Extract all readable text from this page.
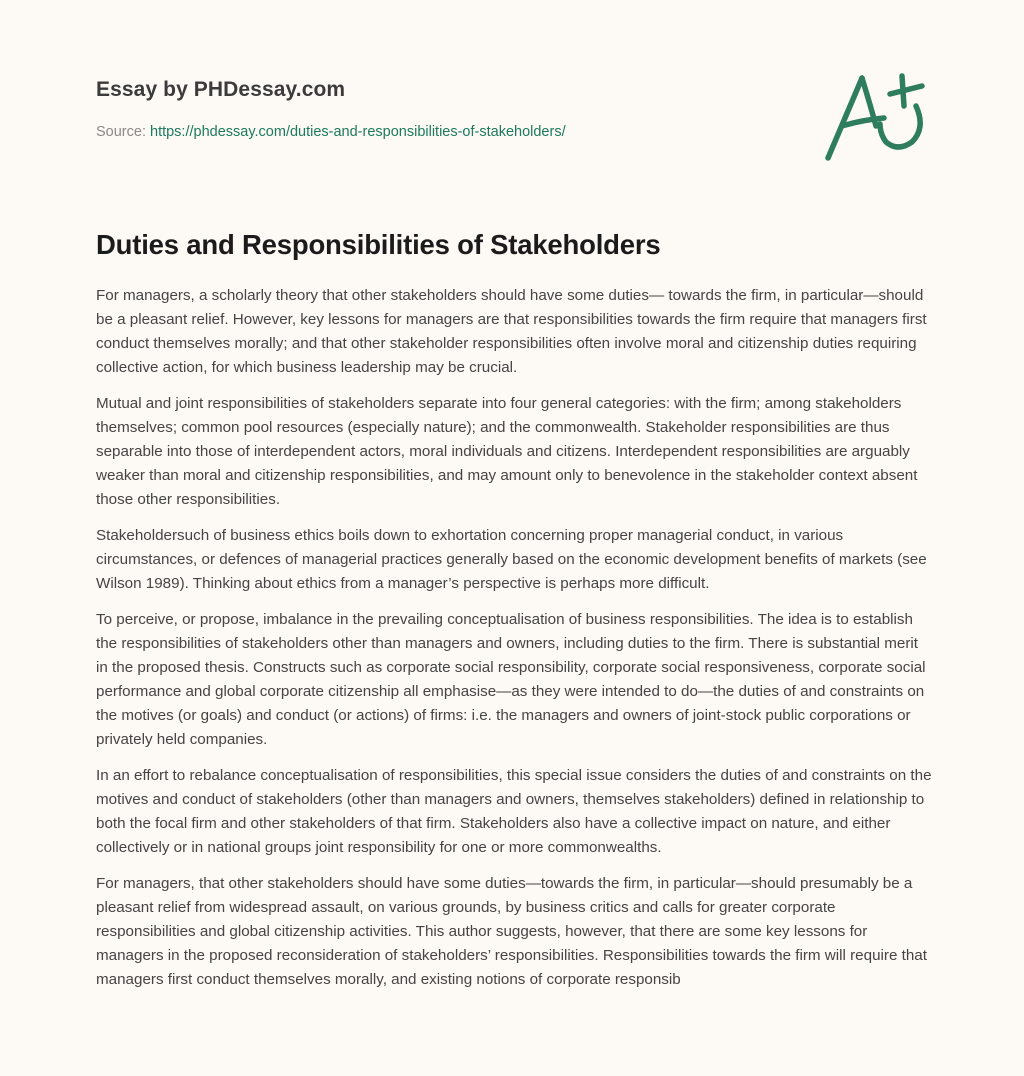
Essay by PHDessay.com
Source: https://phdessay.com/duties-and-responsibilities-of-stakeholders/
Duties and Responsibilities of Stakeholders

For managers, a scholarly theory that other stakeholders should have some duties— towards the firm, in particular—should be a pleasant relief. However, key lessons for managers are that responsibilities towards the firm require that managers first conduct themselves morally; and that other stakeholder responsibilities often involve moral and citizenship duties requiring collective action, for which business leadership may be crucial.

Mutual and joint responsibilities of stakeholders separate into four general categories: with the firm; among stakeholders themselves; common pool resources (especially nature); and the commonwealth. Stakeholder responsibilities are thus separable into those of interdependent actors, moral individuals and citizens. Interdependent responsibilities are arguably weaker than moral and citizenship responsibilities, and may amount only to benevolence in the stakeholder context absent those other responsibilities.

Stakeholdersuch of business ethics boils down to exhortation concerning proper managerial conduct, in various circumstances, or defences of managerial practices generally based on the economic development benefits of markets (see Wilson 1989). Thinking about ethics from a manager’s perspective is perhaps more difficult.

To perceive, or propose, imbalance in the prevailing conceptualisation of business responsibilities. The idea is to establish the responsibilities of stakeholders other than managers and owners, including duties to the firm. There is substantial merit in the proposed thesis. Constructs such as corporate social responsibility, corporate social responsiveness, corporate social performance and global corporate citizenship all emphasise—as they were intended to do—the duties of and constraints on the motives (or goals) and conduct (or actions) of firms: i.e. the managers and owners of joint-stock public corporations or privately held companies.

In an effort to rebalance conceptualisation of responsibilities, this special issue considers the duties of and constraints on the motives and conduct of stakeholders (other than managers and owners, themselves stakeholders) defined in relationship to both the focal firm and other stakeholders of that firm. Stakeholders also have a collective impact on nature, and either collectively or in national groups joint responsibility for one or more commonwealths.

For managers, that other stakeholders should have some duties—towards the firm, in particular—should presumably be a pleasant relief from widespread assault, on various grounds, by business critics and calls for greater corporate responsibilities and global citizenship activities. This author suggests, however, that there are some key lessons for managers in the proposed reconsideration of stakeholders’ responsibilities. Responsibilities towards the firm will require that managers first conduct themselves morally, and existing notions of corporate responsib
